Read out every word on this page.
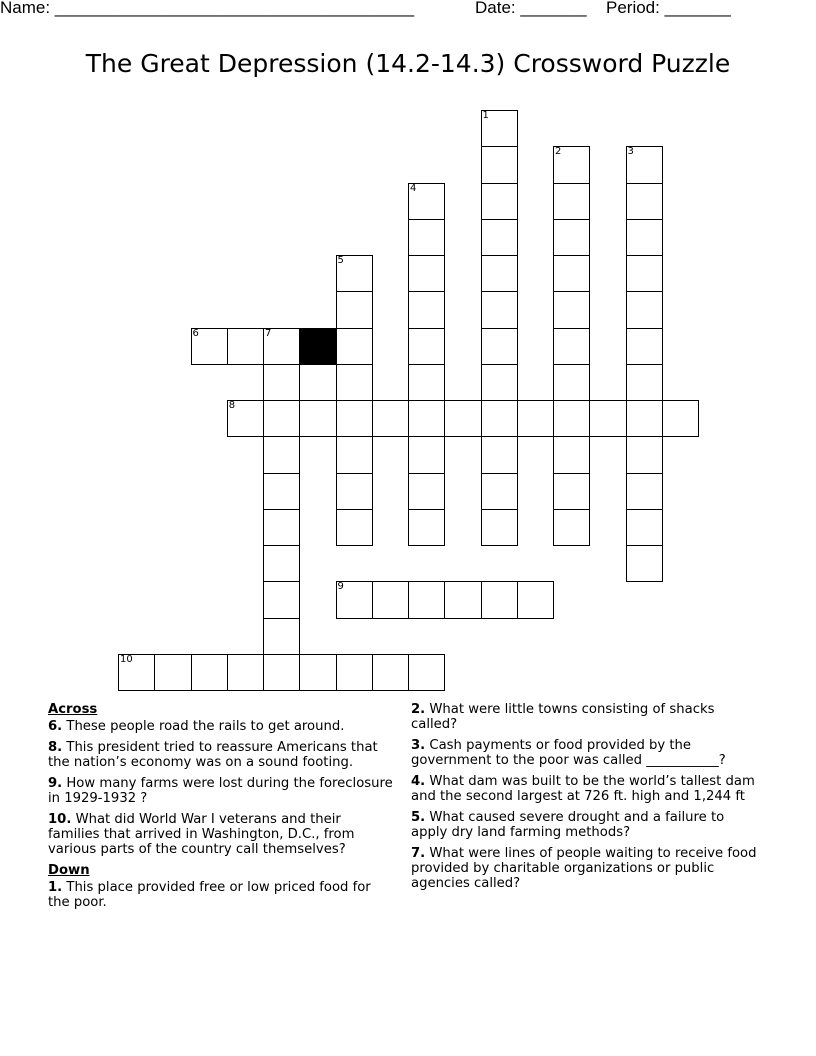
Name: ______________________________________	Date: _______ Period: _______
The Great Depression (14.2-14.3) Crossword Puzzle
6	7
8
9
10
1
2	3
4
5
Across
6. These people road the rails to get around.
8. This president tried to reassure Americans that the nation’s economy was on a sound footing.
9. How many farms were lost during the foreclosure in 1929-1932 ?
10. What did World War I veterans and their families that arrived in Washington, D.C., from various parts of the country call themselves?
Down
1. This place provided free or low priced food for the poor.
2. What were little towns consisting of shacks called?
3. Cash payments or food provided by the government to the poor was called ___________?
4. What dam was built to be the world’s tallest dam and the second largest at 726 ft. high and 1,244 ft
5. What caused severe drought and a failure to apply dry land farming methods?
7. What were lines of people waiting to receive food provided by charitable organizations or public agencies called?
